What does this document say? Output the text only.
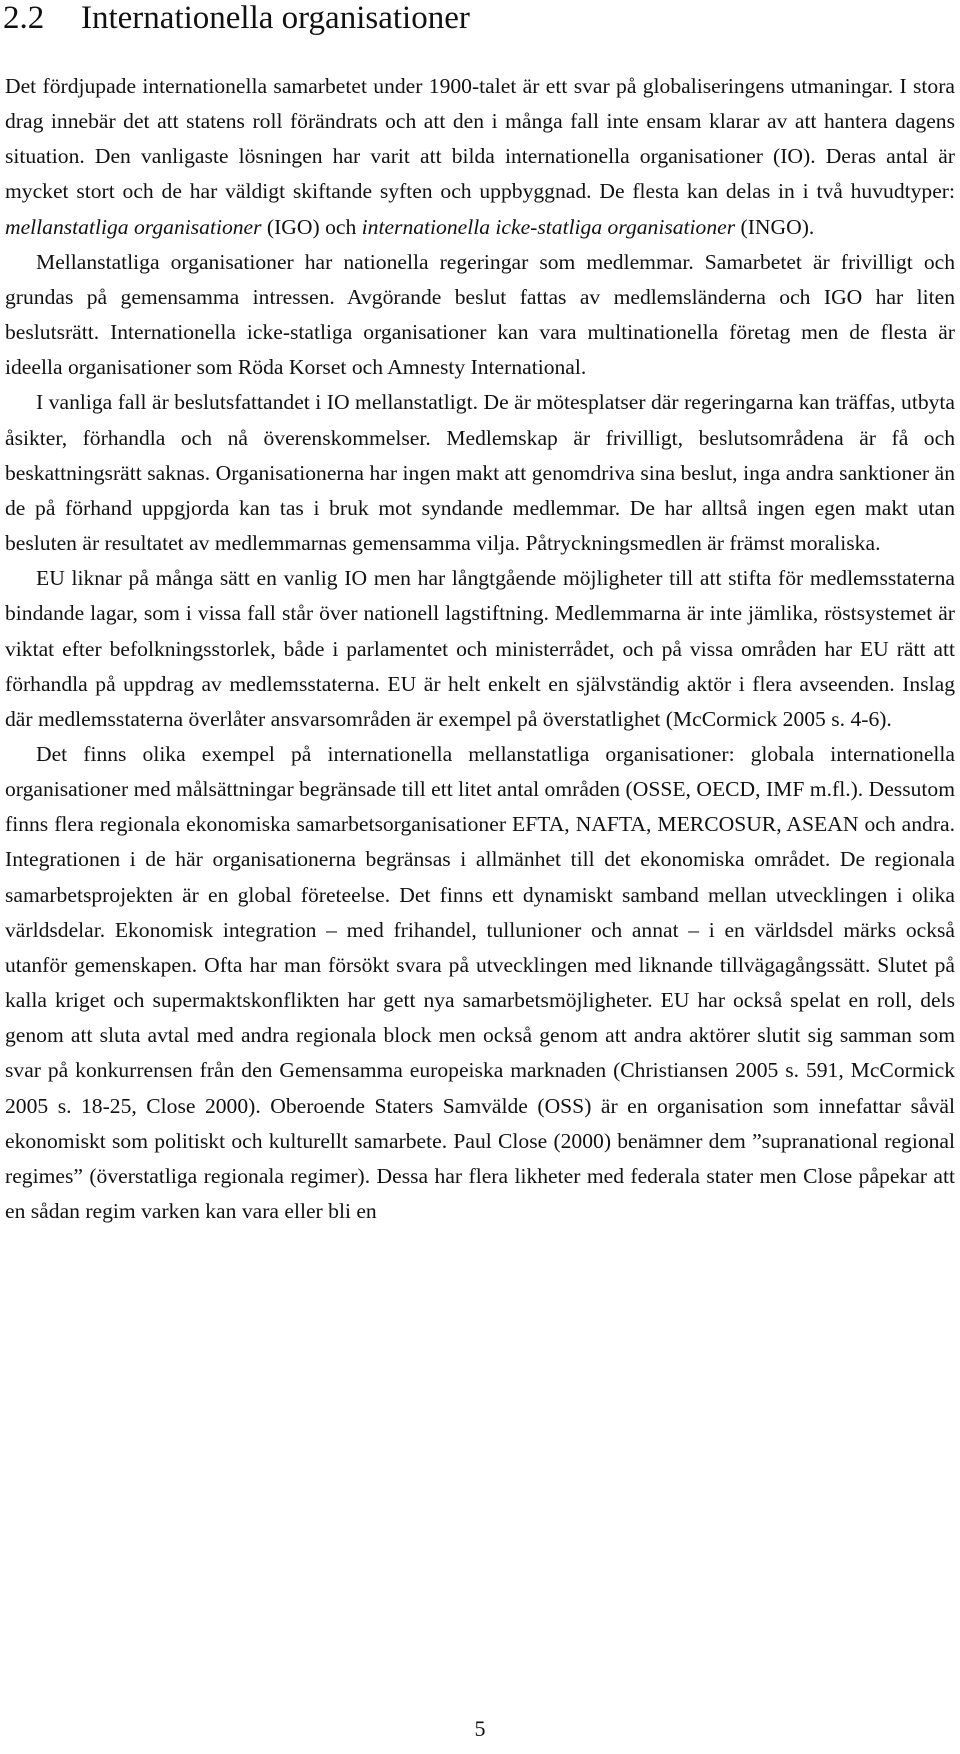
2.2 Internationella organisationer

Det fördjupade internationella samarbetet under 1900-talet är ett svar på globaliseringens utmaningar. I stora drag innebär det att statens roll förändrats och att den i många fall inte ensam klarar av att hantera dagens situation. Den vanligaste lösningen har varit att bilda internationella organisationer (IO). Deras antal är mycket stort och de har väldigt skiftande syften och uppbyggnad. De flesta kan delas in i två huvudtyper: mellanstatliga organisationer (IGO) och internationella icke-statliga organisationer (INGO).

Mellanstatliga organisationer har nationella regeringar som medlemmar. Samarbetet är frivilligt och grundas på gemensamma intressen. Avgörande beslut fattas av medlemsländerna och IGO har liten beslutsrätt. Internationella icke-statliga organisationer kan vara multinationella företag men de flesta är ideella organisationer som Röda Korset och Amnesty International.

I vanliga fall är beslutsfattandet i IO mellanstatligt. De är mötesplatser där regeringarna kan träffas, utbyta åsikter, förhandla och nå överenskommelser. Medlemskap är frivilligt, beslutsområdena är få och beskattningsrätt saknas. Organisationerna har ingen makt att genomdriva sina beslut, inga andra sanktioner än de på förhand uppgjorda kan tas i bruk mot syndande medlemmar. De har alltså ingen egen makt utan besluten är resultatet av medlemmarnas gemensamma vilja. Påtryckningsmedlen är främst moraliska.

EU liknar på många sätt en vanlig IO men har långtgående möjligheter till att stifta för medlemsstaterna bindande lagar, som i vissa fall står över nationell lagstiftning. Medlemmarna är inte jämlika, röstsystemet är viktat efter befolkningsstorlek, både i parlamentet och ministerrådet, och på vissa områden har EU rätt att förhandla på uppdrag av medlemsstaterna. EU är helt enkelt en självständig aktör i flera avseenden. Inslag där medlemsstaterna överlåter ansvarsområden är exempel på överstatlighet (McCormick 2005 s. 4-6).

Det finns olika exempel på internationella mellanstatliga organisationer: globala internationella organisationer med målsättningar begränsade till ett litet antal områden (OSSE, OECD, IMF m.fl.). Dessutom finns flera regionala ekonomiska samarbetsorganisationer EFTA, NAFTA, MERCOSUR, ASEAN och andra. Integrationen i de här organisationerna begränsas i allmänhet till det ekonomiska området. De regionala samarbetsprojekten är en global företeelse. Det finns ett dynamiskt samband mellan utvecklingen i olika världsdelar. Ekonomisk integration – med frihandel, tullunioner och annat – i en världsdel märks också utanför gemenskapen. Ofta har man försökt svara på utvecklingen med liknande tillvägagångssätt. Slutet på kalla kriget och supermaktskonflikten har gett nya samarbetsmöjligheter. EU har också spelat en roll, dels genom att sluta avtal med andra regionala block men också genom att andra aktörer slutit sig samman som svar på konkurrensen från den Gemensamma europeiska marknaden (Christiansen 2005 s. 591, McCormick 2005 s. 18-25, Close 2000). Oberoende Staters Samvälde (OSS) är en organisation som innefattar såväl ekonomiskt som politiskt och kulturellt samarbete. Paul Close (2000) benämner dem ”supranational regional regimes” (överstatliga regionala regimer). Dessa har flera likheter med federala stater men Close påpekar att en sådan regim varken kan vara eller bli en

5
